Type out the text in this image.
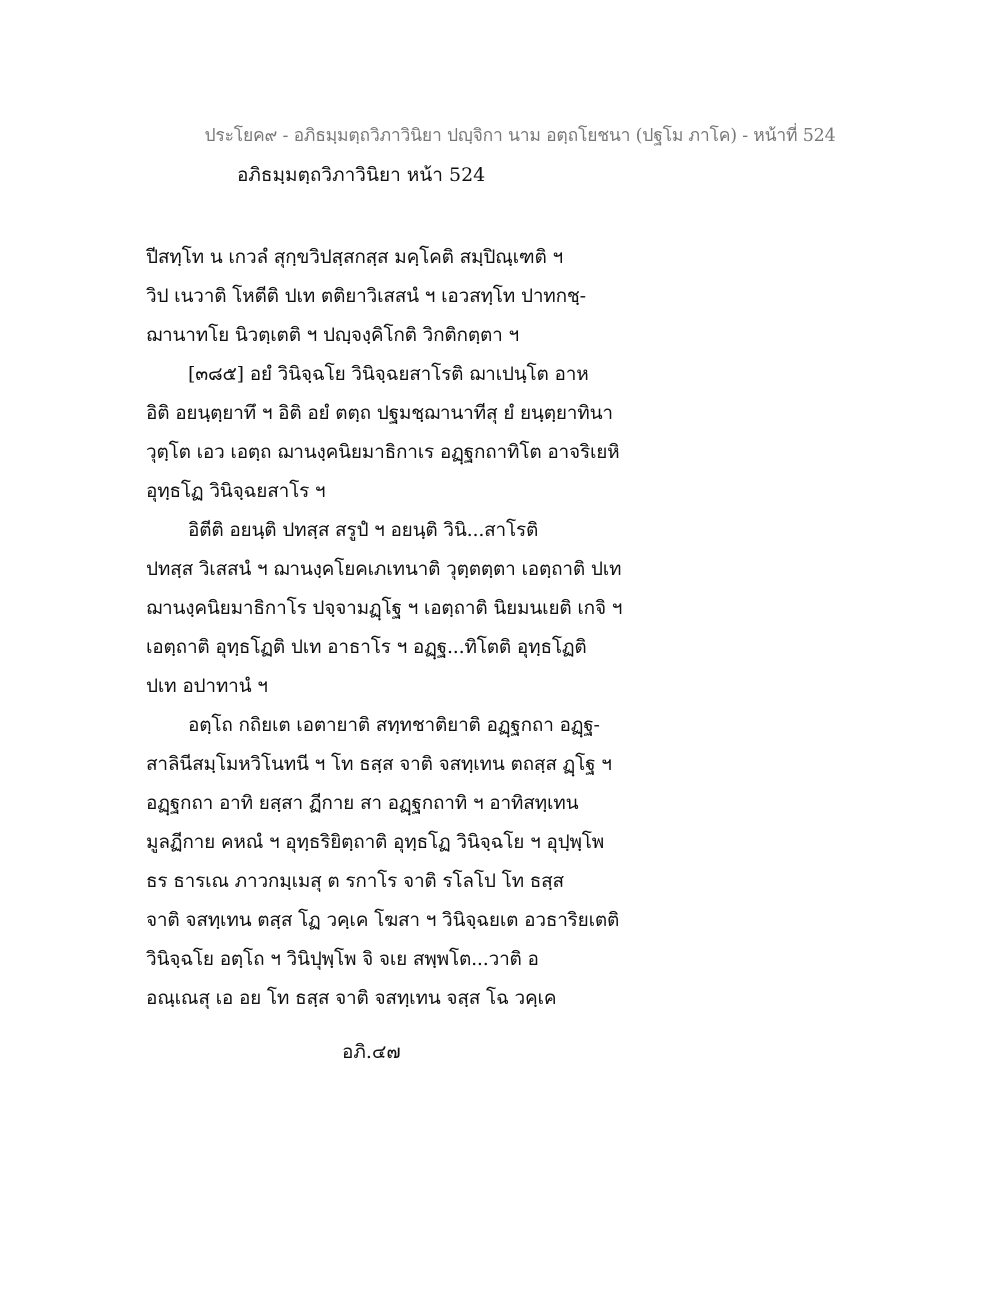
ประโยค๙ - อภิธมฺมตฺถวิภาวินิยา ปญฺจิกา นาม อตฺถโยชนา (ปฐโม ภาโค) - หน้าที่ 524
อภิธมฺมตฺถวิภาวินิยา หน้า 524
ปีสทฺโท น เกวลํ สุกฺขวิปสฺสกสฺส มคฺโคติ สมฺปิณฺเฑติ ฯ
วิป เนวาติ โหตีติ ปเท ตติยาวิเสสนํ ฯ เอวสทฺโท ปาทกชฺ-
ฌานาทโย นิวตฺเตติ ฯ ปญฺจงฺคิโกติ วิกติกตฺตา ฯ
[๓๘๕] อยํ วินิจฺฉโย วินิจฺฉยสาโรติ ฌาเปนฺโต อาห
อิติ อยนฺตฺยาทึ ฯ อิติ อยํ ตตฺถ ปฐมชฺฌานาทีสุ ยํ ยนฺตฺยาทินา
วุตฺโต เอว เอตฺถ ฌานงฺคนิยมาธิกาเร อฏฺฐกถาทิโต อาจริเยหิ
อุทฺธโฏ วินิจฺฉยสาโร ฯ
อิตีติ อยนฺติ ปทสฺส สรูปํ ฯ อยนฺติ วินิ...สาโรติ
ปทสฺส วิเสสนํ ฯ ฌานงฺคโยคเภเทนาติ วุตฺตตฺตา เอตฺถาติ ปเท
ฌานงฺคนิยมาธิกาโร ปจฺจามฏฺโฐ ฯ เอตฺถาติ นิยมนเยติ เกจิ ฯ
เอตฺถาติ อุทฺธโฏติ ปเท อาธาโร ฯ อฏฺฐ...ทิโตติ อุทฺธโฏติ
ปเท อปาทานํ ฯ
อตฺโถ กถิยเต เอตายาติ สทฺทชาติยาติ อฏฺฐกถา อฏฺฐ-
สาลินีสมฺโมหวิโนทนี ฯ โท ธสฺส จาติ จสทฺเทน ตถสฺส ฏฺโฐ ฯ
อฏฺฐกถา อาทิ ยสฺสา ฏีกาย สา อฏฺฐกถาทิ ฯ อาทิสทฺเทน
มูลฏีกาย คหณํ ฯ อุทฺธริยิตฺถาติ อุทฺธโฏ วินิจฺฉโย ฯ อุปฺพฺโพ
ธร ธารเณ ภาวกมฺเมสุ ต รกาโร จาติ รโลโป โท ธสฺส
จาติ จสทฺเทน ตสฺส โฏ วคฺเค โฆสา ฯ วินิจฺฉยเต อวธาริยเตติ
วินิจฺฉโย อตฺโถ ฯ วินิปุพฺโพ จิ จเย สพฺพโต...วาติ อ
อณฺเณสุ เอ อย โท ธสฺส จาติ จสทฺเทน จสฺส โฉ วคฺเค
อภิ.๔๗
